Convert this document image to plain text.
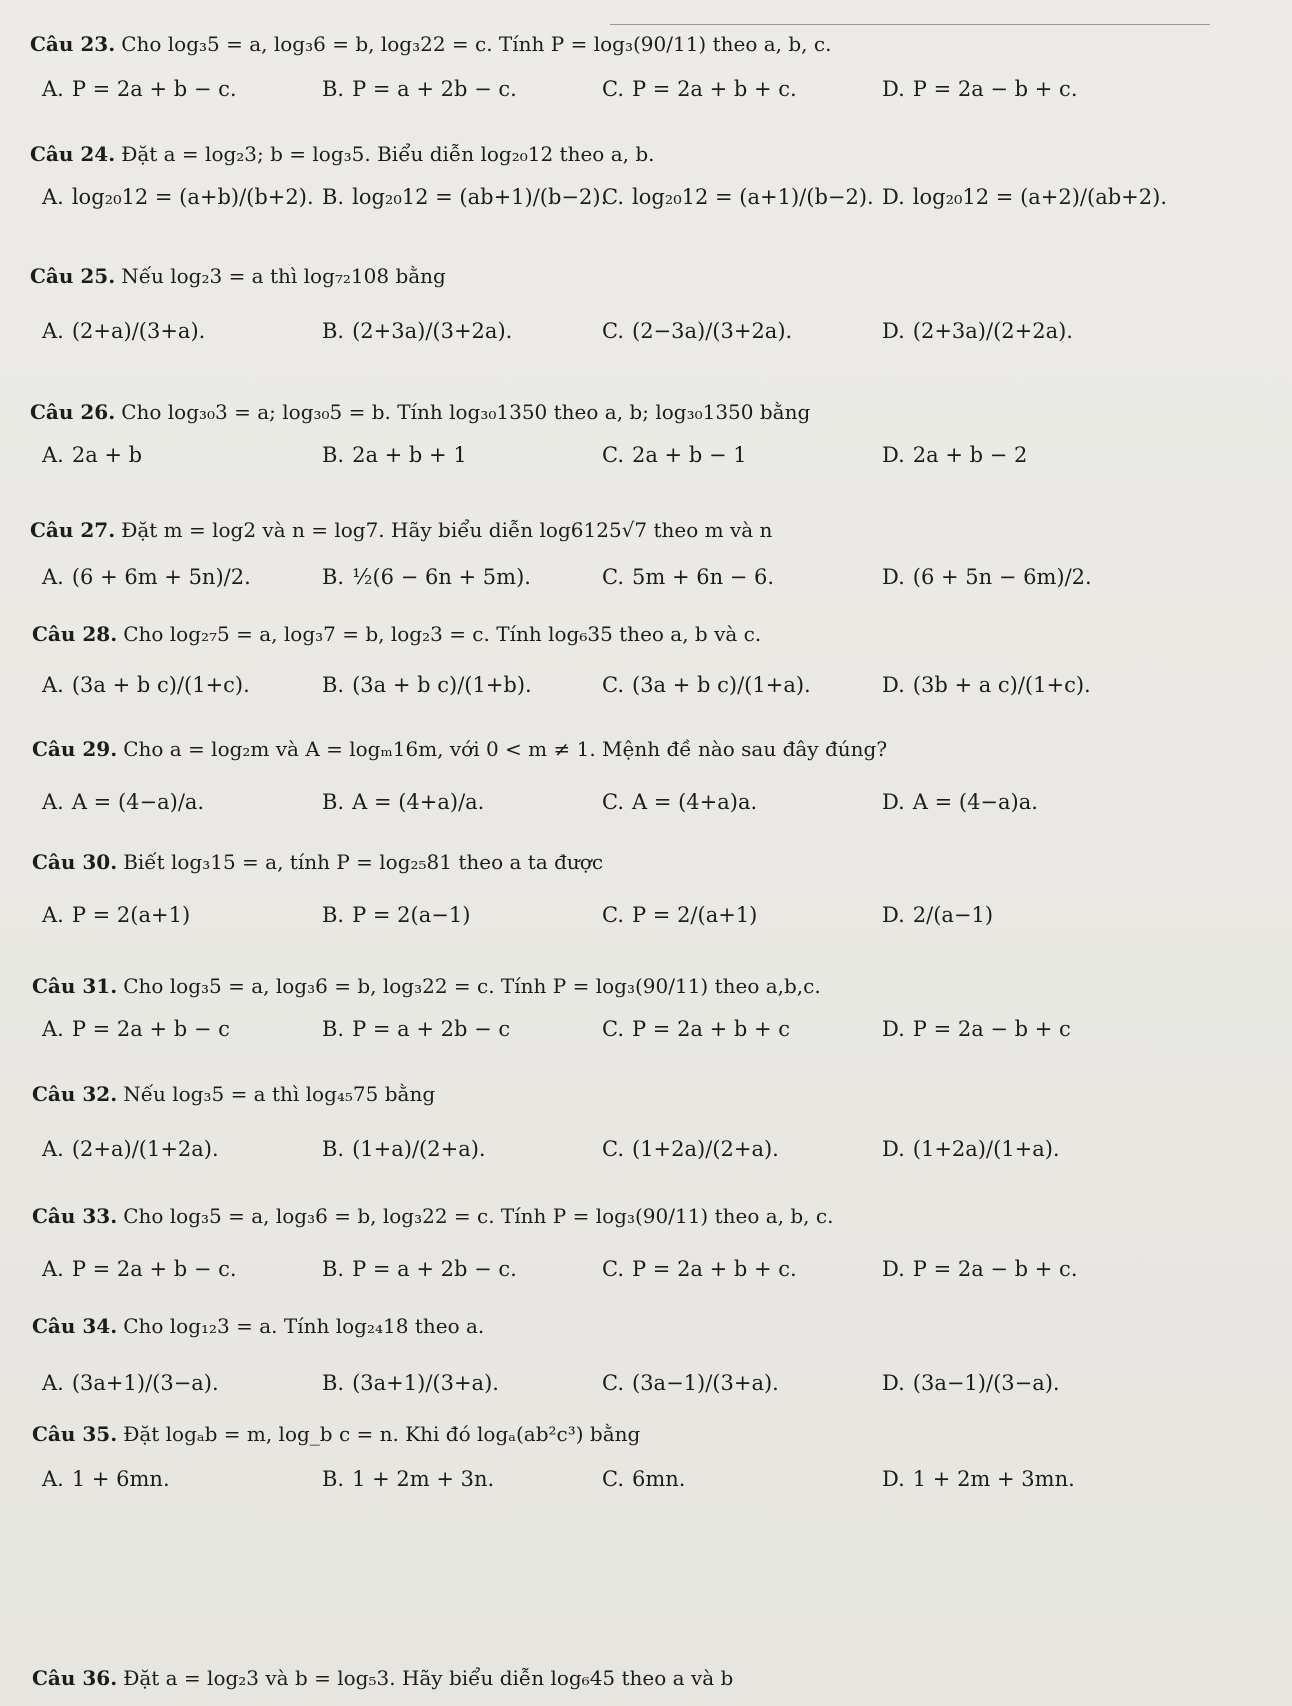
Câu 23. Cho log₃5 = a, log₃6 = b, log₃22 = c. Tính P = log₃(90/11) theo a, b, c.
A. P = 2a + b − c.	B. P = a + 2b − c.	C. P = 2a + b + c.	D. P = 2a − b + c.
Câu 24. Đặt a = log₂3; b = log₃5. Biểu diễn log₂₀12 theo a, b.
A. log₂₀12 = (a+b)/(b+2). B. log₂₀12 = (ab+1)/(b−2).
C. log₂₀12 = (a+1)/(b−2). D. log₂₀12 = (a+2)/(ab+2).
Câu 25. Nếu log₂3 = a thì log₇₂108 bằng
A. (2+a)/(3+a).	B. (2+3a)/(3+2a).	C. (2−3a)/(3+2a).	D. (2+3a)/(2+2a).
Câu 26. Cho log₃₀3 = a; log₃₀5 = b. Tính log₃₀1350 theo a, b; log₃₀1350 bằng
A. 2a + b	B. 2a + b + 1	C. 2a + b − 1	D. 2a + b − 2
Câu 27. Đặt m = log2 và n = log7. Hãy biểu diễn log6125√7 theo m và n
A. (6 + 6m + 5n)/2.	B. ½(6 − 6n + 5m).	C. 5m + 6n − 6.	D. (6 + 5n − 6m)/2.
Câu 28. Cho log₂₇5 = a, log₃7 = b, log₂3 = c. Tính log₆35 theo a, b và c.
A. (3a + b c)/(1+c).	B. (3a + b c)/(1+b).	C. (3a + b c)/(1+a).	D. (3b + a c)/(1+c).
Câu 29. Cho a = log₂m và A = logₘ16m, với 0 < m ≠ 1. Mệnh đề nào sau đây đúng?
A. A = (4−a)/a.	B. A = (4+a)/a.	C. A = (4+a)a.	D. A = (4−a)a.
Câu 30. Biết log₃15 = a, tính P = log₂₅81 theo a ta được
A. P = 2(a+1)	B. P = 2(a−1)	C. P = 2/(a+1)	D. 2/(a−1)
Câu 31. Cho log₃5 = a, log₃6 = b, log₃22 = c. Tính P = log₃(90/11) theo a,b,c.
A. P = 2a + b − c	B. P = a + 2b − c	C. P = 2a + b + c	D. P = 2a − b + c
Câu 32. Nếu log₃5 = a thì log₄₅75 bằng
A. (2+a)/(1+2a).	B. (1+a)/(2+a).	C. (1+2a)/(2+a).	D. (1+2a)/(1+a).
Câu 33. Cho log₃5 = a, log₃6 = b, log₃22 = c. Tính P = log₃(90/11) theo a, b, c.
A. P = 2a + b − c.	B. P = a + 2b − c.	C. P = 2a + b + c.	D. P = 2a − b + c.
Câu 34. Cho log₁₂3 = a. Tính log₂₄18 theo a.
A. (3a+1)/(3−a).	B. (3a+1)/(3+a).	C. (3a−1)/(3+a).	D. (3a−1)/(3−a).
Câu 35. Đặt logₐb = m, log_b c = n. Khi đó logₐ(ab²c³) bằng
A. 1 + 6mn.	B. 1 + 2m + 3n.	C. 6mn.	D. 1 + 2m + 3mn.
Câu 36. Đặt a = log₂3 và b = log₅3. Hãy biểu diễn log₆45 theo a và b
